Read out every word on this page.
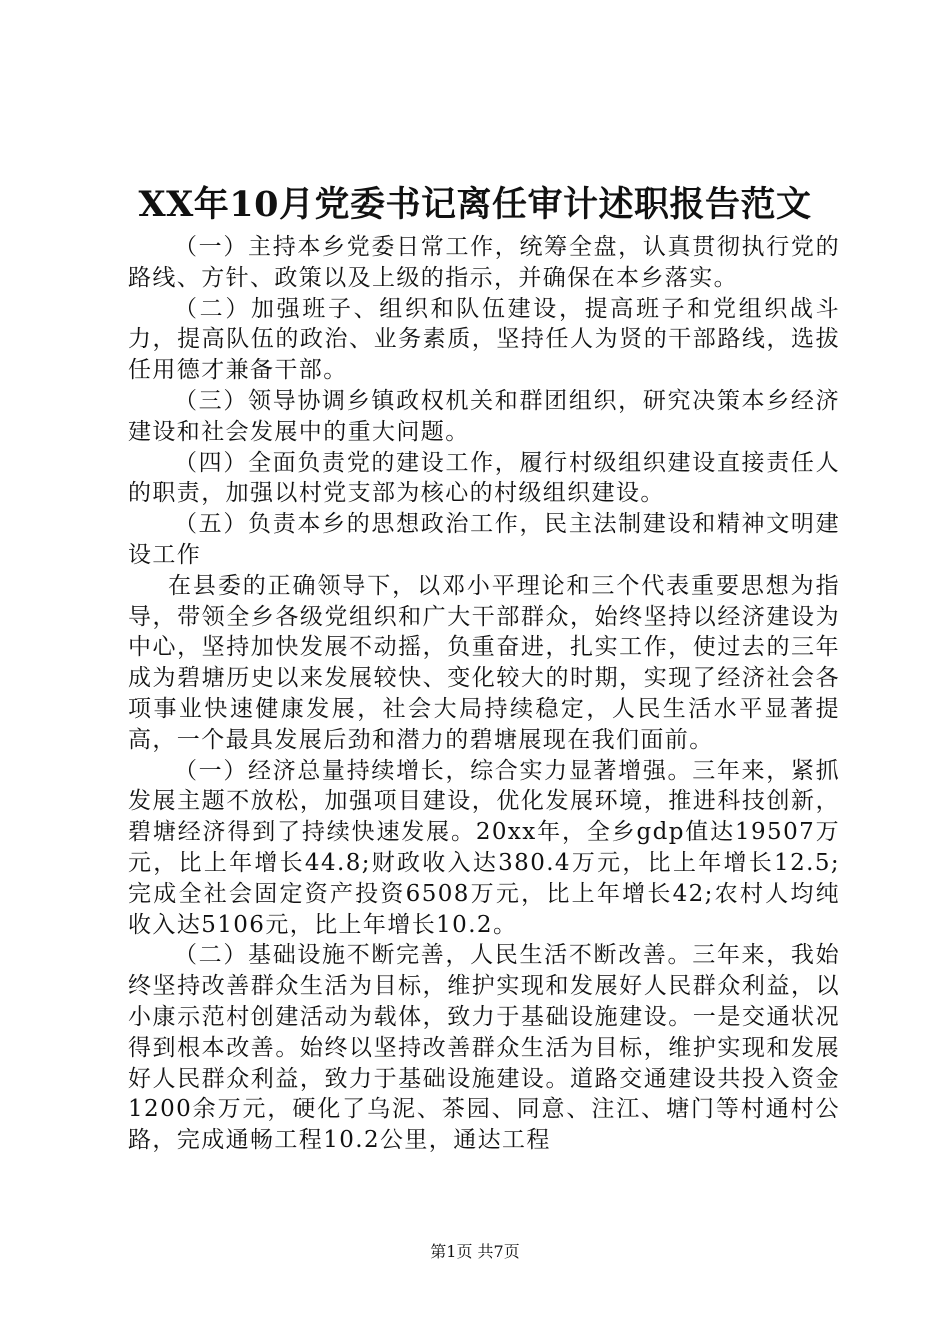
XX年10月党委书记离任审计述职报告范文

（一）主持本乡党委日常工作，统筹全盘，认真贯彻执行党的路线、方针、政策以及上级的指示，并确保在本乡落实。

（二）加强班子、组织和队伍建设，提高班子和党组织战斗力，提高队伍的政治、业务素质，坚持任人为贤的干部路线，选拔任用德才兼备干部。

（三）领导协调乡镇政权机关和群团组织，研究决策本乡经济建设和社会发展中的重大问题。

（四）全面负责党的建设工作，履行村级组织建设直接责任人的职责，加强以村党支部为核心的村级组织建设。

（五）负责本乡的思想政治工作，民主法制建设和精神文明建设工作

在县委的正确领导下，以邓小平理论和三个代表重要思想为指导，带领全乡各级党组织和广大干部群众，始终坚持以经济建设为中心，坚持加快发展不动摇，负重奋进，扎实工作，使过去的三年成为碧塘历史以来发展较快、变化较大的时期，实现了经济社会各项事业快速健康发展，社会大局持续稳定，人民生活水平显著提高，一个最具发展后劲和潜力的碧塘展现在我们面前。

（一）经济总量持续增长，综合实力显著增强。三年来，紧抓发展主题不放松，加强项目建设，优化发展环境，推进科技创新，碧塘经济得到了持续快速发展。20xx年，全乡gdp值达19507万元，比上年增长44.8;财政收入达380.4万元，比上年增长12.5;完成全社会固定资产投资6508万元，比上年增长42;农村人均纯收入达5106元，比上年增长10.2。

（二）基础设施不断完善，人民生活不断改善。三年来，我始终坚持改善群众生活为目标，维护实现和发展好人民群众利益，以小康示范村创建活动为载体，致力于基础设施建设。一是交通状况得到根本改善。始终以坚持改善群众生活为目标，维护实现和发展好人民群众利益，致力于基础设施建设。道路交通建设共投入资金1200余万元，硬化了乌泥、茶园、同意、注江、塘门等村通村公路，完成通畅工程10.2公里，通达工程

第1页 共7页
